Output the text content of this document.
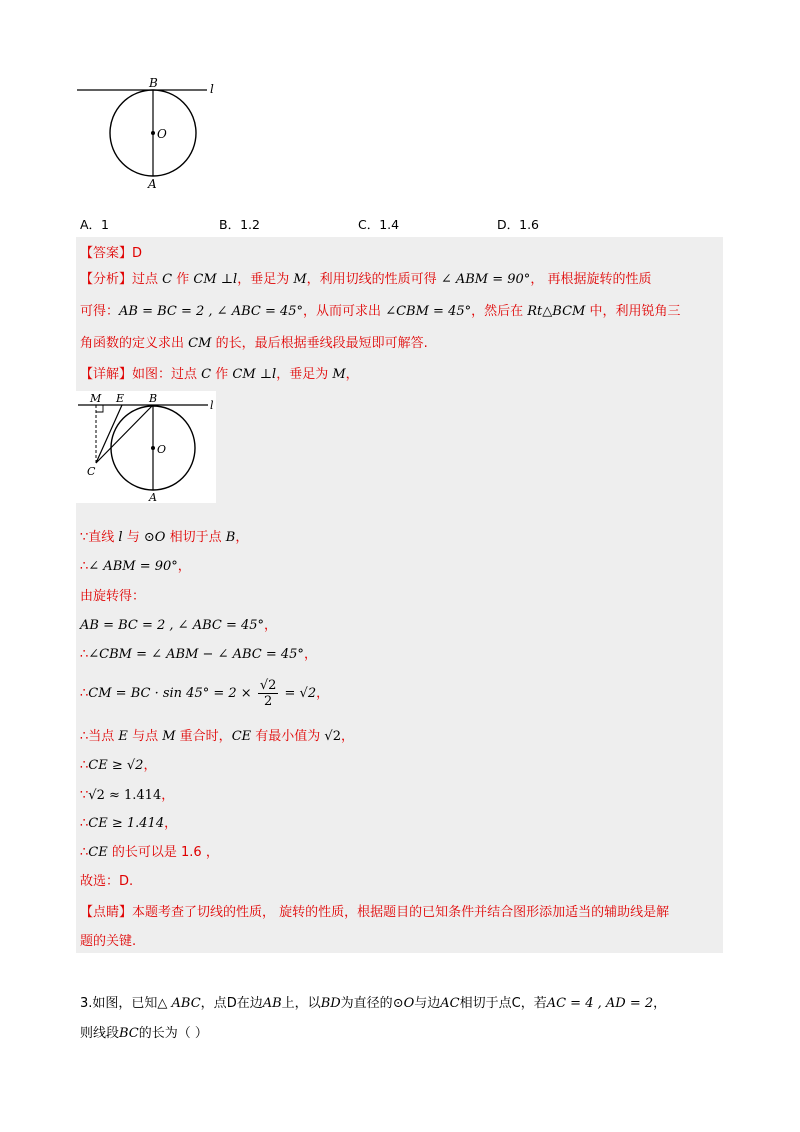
B	l
O
A
A．1	B．1.2	C．1.4	D．1.6
【答案】D
【分析】过点 C 作 CM ⊥l，垂足为 M，利用切线的性质可得 ∠ ABM = 90°， 再根据旋转的性质
可得：AB = BC = 2 , ∠ ABC = 45°，从而可求出 ∠CBM = 45°，然后在 Rt△BCM 中，利用锐角三
角函数的定义求出 CM 的长，最后根据垂线段最短即可解答.
【详解】如图：过点 C 作 CM ⊥l，垂足为 M，
∵直线 l 与 ⊙O 相切于点 B，
∴∠ ABM = 90°，
由旋转得：
AB = BC = 2 , ∠ ABC = 45°，
∴∠CBM = ∠ ABM − ∠ ABC = 45°，
∴CM = BC · $\sin 45^\circ = 2 \times \frac{√2}{2} = √2$，
∴当点 E 与点 M 重合时，CE 有最小值为 √2，
∴CE ≥ √2，
∵√2 ≈ 1.414，
∴CE ≥ 1.414，
∴CE 的长可以是 1.6 ，
故选：D.
【点睛】本题考查了切线的性质， 旋转的性质，根据题目的已知条件并结合图形添加适当的辅助线是解
题的关键.
M E B
l
O
C
A
3.如图，已知△ ABC，点D在边AB上，以BD为直径的⊙O与边AC相切于点C，若AC = 4 , AD = 2，
则线段BC的长为（ ）
